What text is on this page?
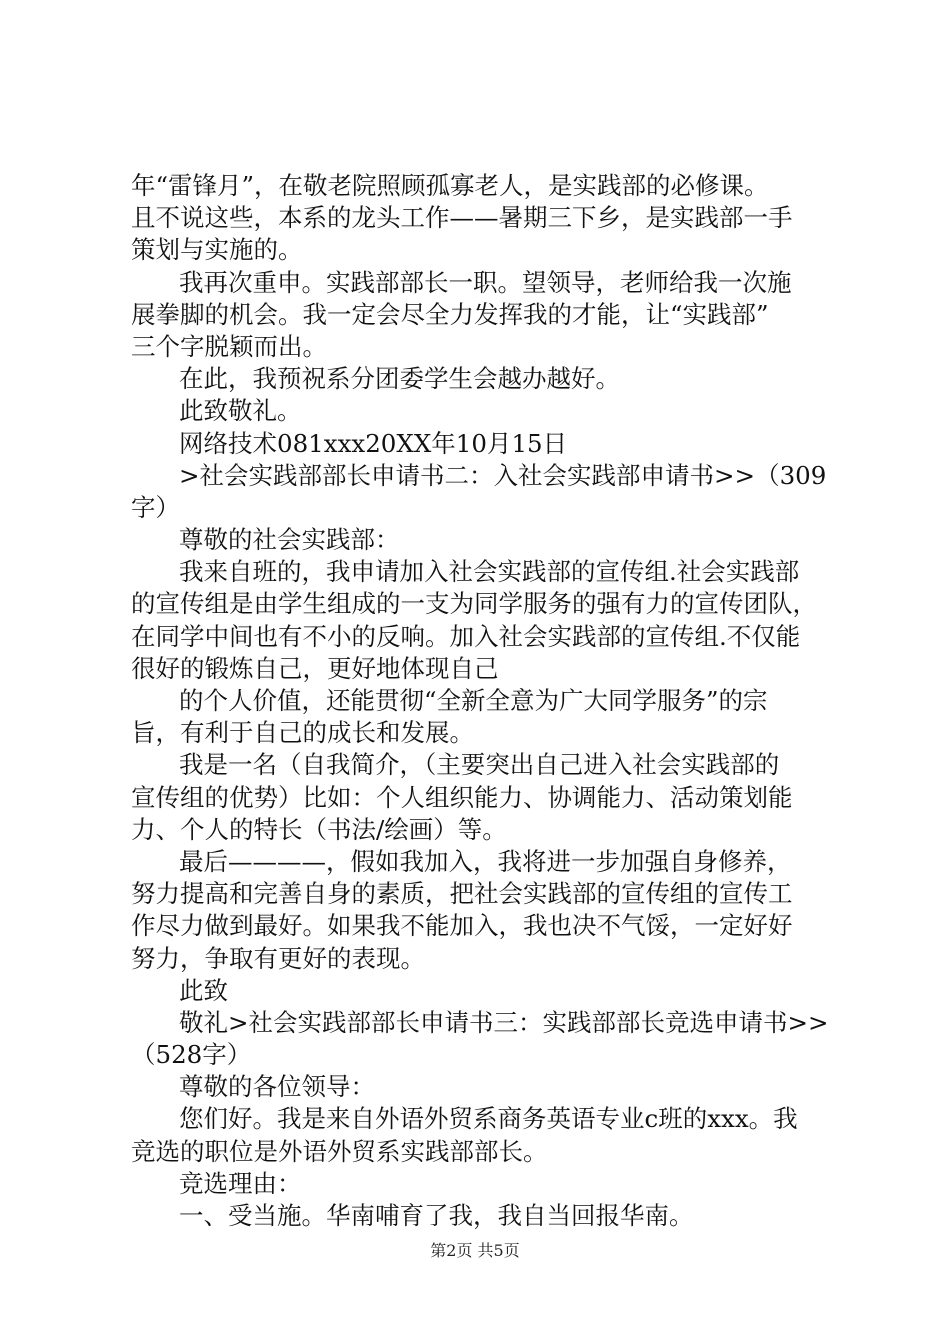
年“雷锋月”，在敬老院照顾孤寡老人，是实践部的必修课。
且不说这些，本系的龙头工作——暑期三下乡，是实践部一手
策划与实施的。
我再次重申。实践部部长一职。望领导，老师给我一次施
展拳脚的机会。我一定会尽全力发挥我的才能，让“实践部”
三个字脱颖而出。
在此，我预祝系分团委学生会越办越好。
此致敬礼。
网络技术081xxx20XX年10月15日
>社会实践部部长申请书二：入社会实践部申请书>>（309
字）
尊敬的社会实践部：
我来自班的，我申请加入社会实践部的宣传组.社会实践部
的宣传组是由学生组成的一支为同学服务的强有力的宣传团队，
在同学中间也有不小的反响。加入社会实践部的宣传组.不仅能
很好的锻炼自己，更好地体现自己
的个人价值，还能贯彻“全新全意为广大同学服务”的宗
旨，有利于自己的成长和发展。
我是一名（自我简介，（主要突出自己进入社会实践部的
宣传组的优势）比如：个人组织能力、协调能力、活动策划能
力、个人的特长（书法/绘画）等。
最后————，假如我加入，我将进一步加强自身修养，
努力提高和完善自身的素质，把社会实践部的宣传组的宣传工
作尽力做到最好。如果我不能加入，我也决不气馁，一定好好
努力，争取有更好的表现。
此致
敬礼>社会实践部部长申请书三：实践部部长竞选申请书>>
（528字）
尊敬的各位领导：
您们好。我是来自外语外贸系商务英语专业c班的xxx。我
竞选的职位是外语外贸系实践部部长。
竞选理由：
一、受当施。华南哺育了我，我自当回报华南。
第2页 共5页
